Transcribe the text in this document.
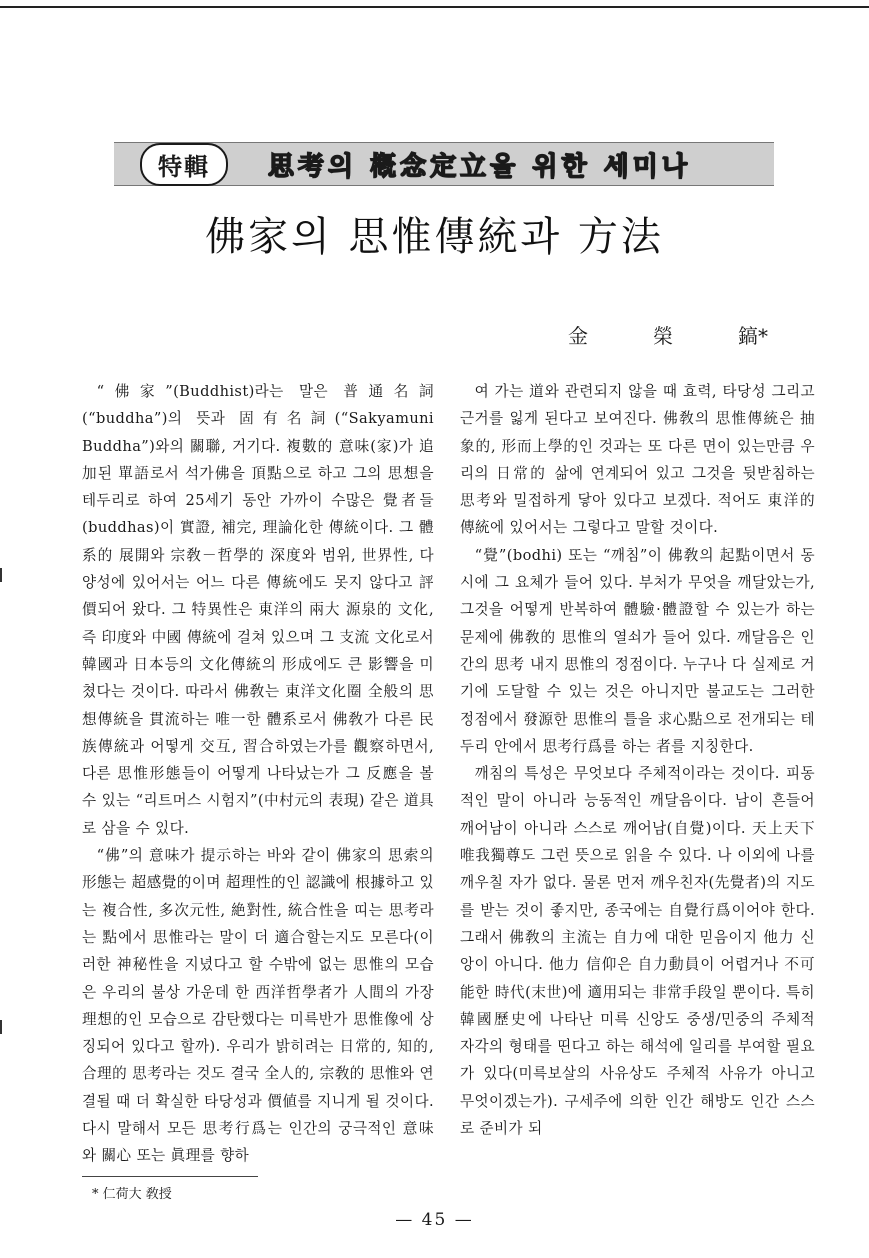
特輯	思考의 槪念定立을 위한 세미나
佛家의 思惟傳統과 方法
金	榮	鎬*

“佛家”(Buddhist)라는 말은 普通名詞(“buddha”)의 뜻과 固有名詞(“Sakyamuni Buddha”)와의 關聯, 거기다. 複數的 意味(家)가 追加된 單語로서 석가佛을 頂點으로 하고 그의 思想을 테두리로 하여 25세기 동안 가까이 수많은 覺者들(buddhas)이 實證, 補完, 理論化한 傳統이다. 그 體系的 展開와 宗敎－哲學的 深度와 범위, 世界性, 다양성에 있어서는 어느 다른 傳統에도 못지 않다고 評價되어 왔다. 그 特異性은 東洋의 兩大 源泉的 文化, 즉 印度와 中國 傳統에 걸쳐 있으며 그 支流 文化로서 韓國과 日本등의 文化傳統의 形成에도 큰 影響을 미쳤다는 것이다. 따라서 佛敎는 東洋文化圈 全般의 思想傳統을 貫流하는 唯一한 體系로서 佛敎가 다른 民族傳統과 어떻게 交互, 習合하였는가를 觀察하면서, 다른 思惟形態들이 어떻게 나타났는가 그 反應을 볼 수 있는 “리트머스 시험지”(中村元의 表現) 같은 道具로 삼을 수 있다.

“佛”의 意味가 提示하는 바와 같이 佛家의 思索의 形態는 超感覺的이며 超理性的인 認識에 根據하고 있는 複合性, 多次元性, 絶對性, 統合性을 띠는 思考라는 點에서 思惟라는 말이 더 適合할는지도 모른다(이러한 神秘性을 지녔다고 할 수밖에 없는 思惟의 모습은 우리의 불상 가운데 한 西洋哲學者가 人間의 가장 理想的인 모습으로 감탄했다는 미륵반가 思惟像에 상징되어 있다고 할까). 우리가 밝히려는 日常的, 知的, 合理的 思考라는 것도 결국 全人的, 宗敎的 思惟와 연결될 때 더 확실한 타당성과 價値를 지니게 될 것이다. 다시 말해서 모든 思考行爲는 인간의 궁극적인 意味와 關心 또는 眞理를 향하

여 가는 道와 관련되지 않을 때 효력, 타당성 그리고 근거를 잃게 된다고 보여진다. 佛敎의 思惟傳統은 抽象的, 形而上學的인 것과는 또 다른 면이 있는만큼 우리의 日常的 삶에 연계되어 있고 그것을 뒷받침하는 思考와 밀접하게 닿아 있다고 보겠다. 적어도 東洋的 傳統에 있어서는 그렇다고 말할 것이다.

“覺”(bodhi) 또는 “깨침”이 佛敎의 起點이면서 동시에 그 요체가 들어 있다. 부처가 무엇을 깨달았는가, 그것을 어떻게 반복하여 體驗·體證할 수 있는가 하는 문제에 佛敎的 思惟의 열쇠가 들어 있다. 깨달음은 인간의 思考 내지 思惟의 정점이다. 누구나 다 실제로 거기에 도달할 수 있는 것은 아니지만 불교도는 그러한 정점에서 發源한 思惟의 틀을 求心點으로 전개되는 테두리 안에서 思考行爲를 하는 者를 지칭한다.

깨침의 특성은 무엇보다 주체적이라는 것이다. 피동적인 말이 아니라 능동적인 깨달음이다. 남이 흔들어 깨어남이 아니라 스스로 깨어남(自覺)이다. 天上天下唯我獨尊도 그런 뜻으로 읽을 수 있다. 나 이외에 나를 깨우칠 자가 없다. 물론 먼저 깨우친자(先覺者)의 지도를 받는 것이 좋지만, 종국에는 自覺行爲이어야 한다. 그래서 佛敎의 主流는 自力에 대한 믿음이지 他力 신앙이 아니다. 他力 信仰은 自力動員이 어렵거나 不可能한 時代(末世)에 適用되는 非常手段일 뿐이다. 특히 韓國歷史에 나타난 미륵 신앙도 중생/민중의 주체적 자각의 형태를 띤다고 하는 해석에 일리를 부여할 필요가 있다(미륵보살의 사유상도 주체적 사유가 아니고 무엇이겠는가). 구세주에 의한 인간 해방도 인간 스스로 준비가 되

* 仁荷大 敎授
— 45 —
